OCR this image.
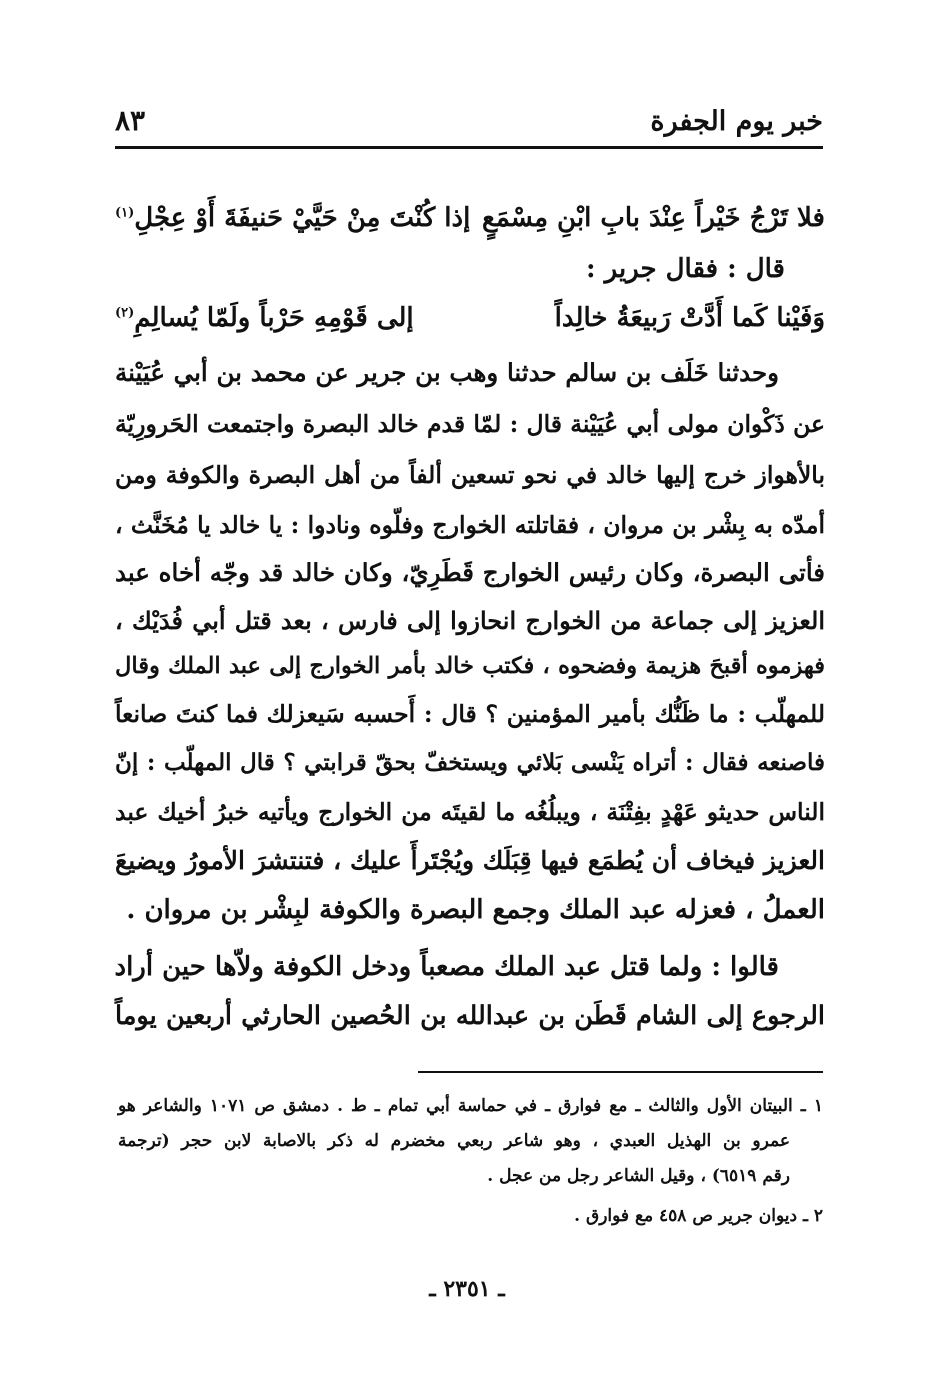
خبر يوم الجفرة
٨٣
فلا تَرْجُ خَيْراً عِنْدَ بابِ ابْنِ مِسْمَعٍ
إذا كُنْتَ مِنْ حَيَّيْ حَنيفَةَ أَوْ عِجْلِ$^{(١)}$
قال : فقال جرير :
وَفَيْنا كَما أَدَّتْ رَبيعَةُ خالِداً
إلى قَوْمِهِ حَرْباً ولَمّا يُسالِمِ$^{(٢)}$
وحدثنا خَلَف بن سالم حدثنا وهب بن جرير عن محمد بن أبي عُيَيْنة
عن ذَكْوان مولى أبي عُيَيْنة قال : لمّا قدم خالد البصرة واجتمعت الحَرورِيّة
بالأهواز خرج إليها خالد في نحو تسعين ألفاً من أهل البصرة والكوفة ومن
أمدّه به بِشْر بن مروان ، فقاتلته الخوارج وفلّوه ونادوا : يا خالد يا مُخَنَّث ،
فأتى البصرة، وكان رئيس الخوارج قَطَرِيّ، وكان خالد قد وجّه أخاه عبد
العزيز إلى جماعة من الخوارج انحازوا إلى فارس ، بعد قتل أبي فُدَيْك ،
فهزموه أقبحَ هزيمة وفضحوه ، فكتب خالد بأمر الخوارج إلى عبد الملك وقال
للمهلّب : ما ظَنُّك بأمير المؤمنين ؟ قال : أَحسبه سَيعزلك فما كنتَ صانعاً
فاصنعه فقال : أتراه يَنْسى بَلائي ويستخفّ بحقّ قرابتي ؟ قال المهلّب : إنّ
الناس حديثو عَهْدٍ بفِتْنَة ، ويبلُغُه ما لقيتَه من الخوارج ويأتيه خبرُ أخيك عبد
العزيز فيخاف أن يُطمَع فيها قِبَلَك ويُجْتَرأَ عليك ، فتنتشرَ الأمورُ ويضيعَ
العملُ ، فعزله عبد الملك وجمع البصرة والكوفة لبِشْر بن مروان .
قالوا : ولما قتل عبد الملك مصعباً ودخل الكوفة ولاّها حين أراد
الرجوع إلى الشام قَطَن بن عبدالله بن الحُصين الحارثي أربعين يوماً
١ ـ البيتان الأول والثالث ـ مع فوارق ـ في حماسة أبي تمام ـ ط . دمشق ص ١٠٧١ والشاعر هو
عمرو بن الهذيل العبدي ، وهو شاعر ربعي مخضرم له ذكر بالاصابة لابن حجر (ترجمة
رقم ٦٥١٩) ، وقيل الشاعر رجل من عجل .
٢ ـ ديوان جرير ص ٤٥٨ مع فوارق .
ـ ٢٣٥١ ـ
